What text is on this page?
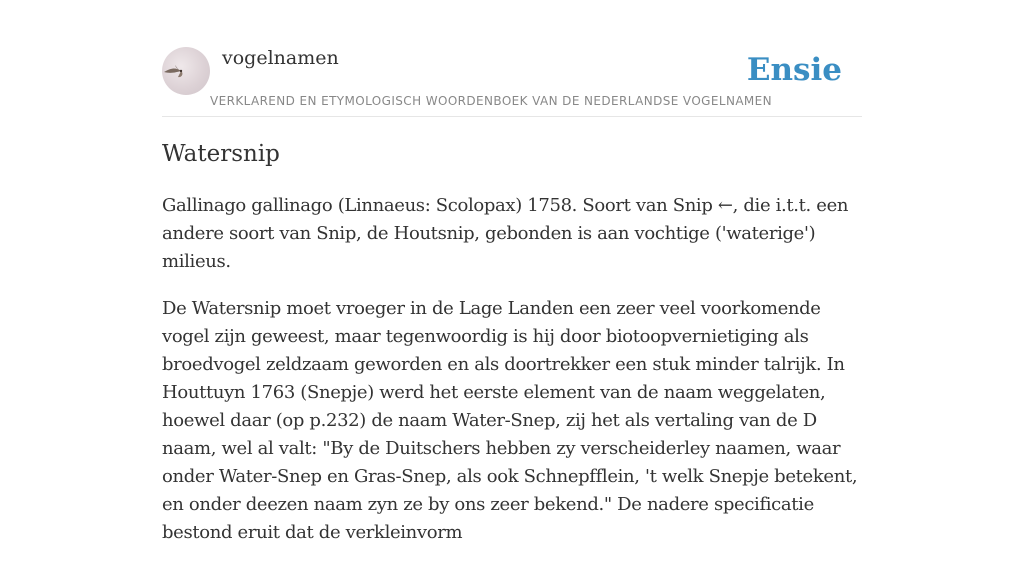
vogelnamen
VERKLAREND EN ETYMOLOGISCH WOORDENBOEK VAN DE NEDERLANDSE VOGELNAMEN
Ensie
Watersnip

Gallinago gallinago (Linnaeus: Scolopax) 1758. Soort van Snip ←, die i.t.t. een andere soort van Snip, de Houtsnip, gebonden is aan vochtige ('waterige') milieus.

De Watersnip moet vroeger in de Lage Landen een zeer veel voorkomende vogel zijn geweest, maar tegenwoordig is hij door biotoopvernietiging als broedvogel zeldzaam geworden en als doortrekker een stuk minder talrijk. In Houttuyn 1763 (Snepje) werd het eerste element van de naam weggelaten, hoewel daar (op p.232) de naam Water-Snep, zij het als vertaling van de D naam, wel al valt: "By de Duitschers hebben zy verscheiderley naamen, waar onder Water-Snep en Gras-Snep, als ook Schnepfflein, 't welk Snepje betekent, en onder deezen naam zyn ze by ons zeer bekend." De nadere specificatie bestond eruit dat de verkleinvorm
